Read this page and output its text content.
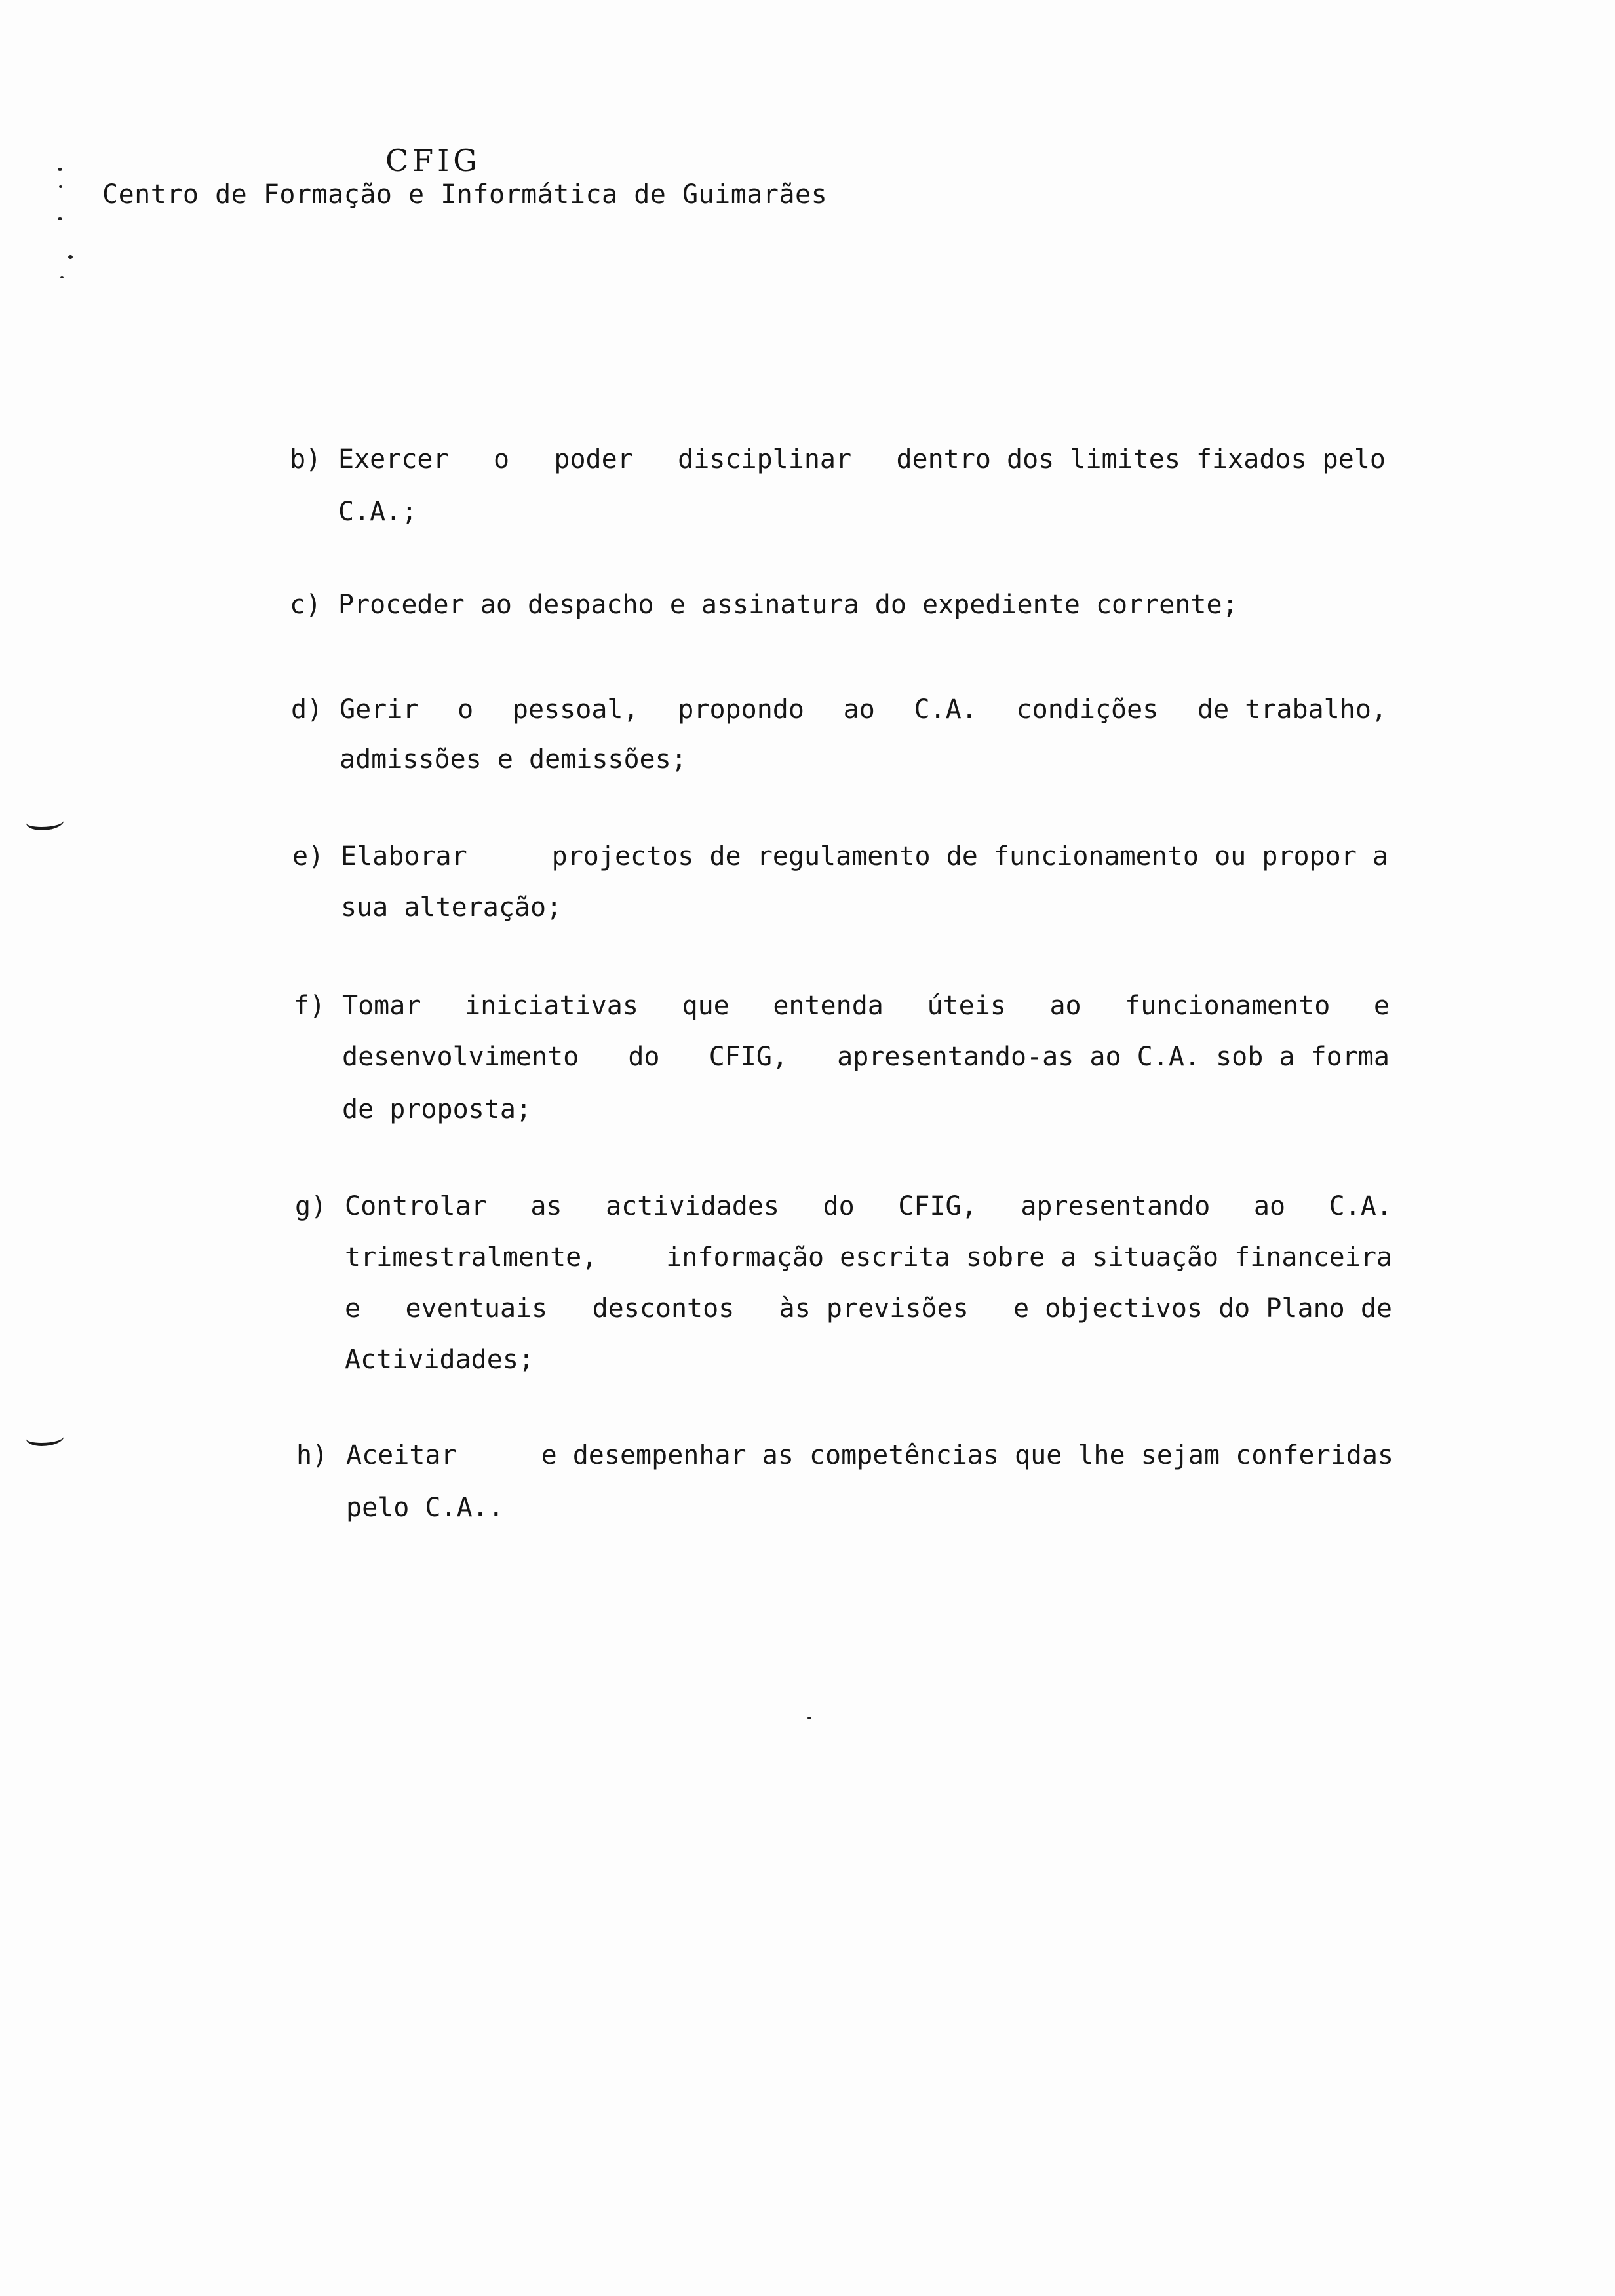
CFIG
Centro de Formação e Informática de Guimarães
b) Exercer o poder disciplinar dentro dos limites fixados pelo
C.A.;
c) Proceder ao despacho e assinatura do expediente corrente;
d) Gerir o pessoal, propondo ao C.A. condições de trabalho,
admissões e demissões;
e) Elaborar	projectos de regulamento de funcionamento ou propor a
sua alteração;
f) Tomar iniciativas que entenda úteis ao funcionamento e
desenvolvimento do CFIG, apresentando-as ao C.A. sob a forma
de proposta;
g) Controlar as actividades do CFIG, apresentando ao C.A.
trimestralmente,	informação escrita sobre a situação financeira
e eventuais descontos às previsões e objectivos do Plano de
Actividades;
h) Aceitar	e desempenhar as competências que lhe sejam conferidas
pelo C.A..
